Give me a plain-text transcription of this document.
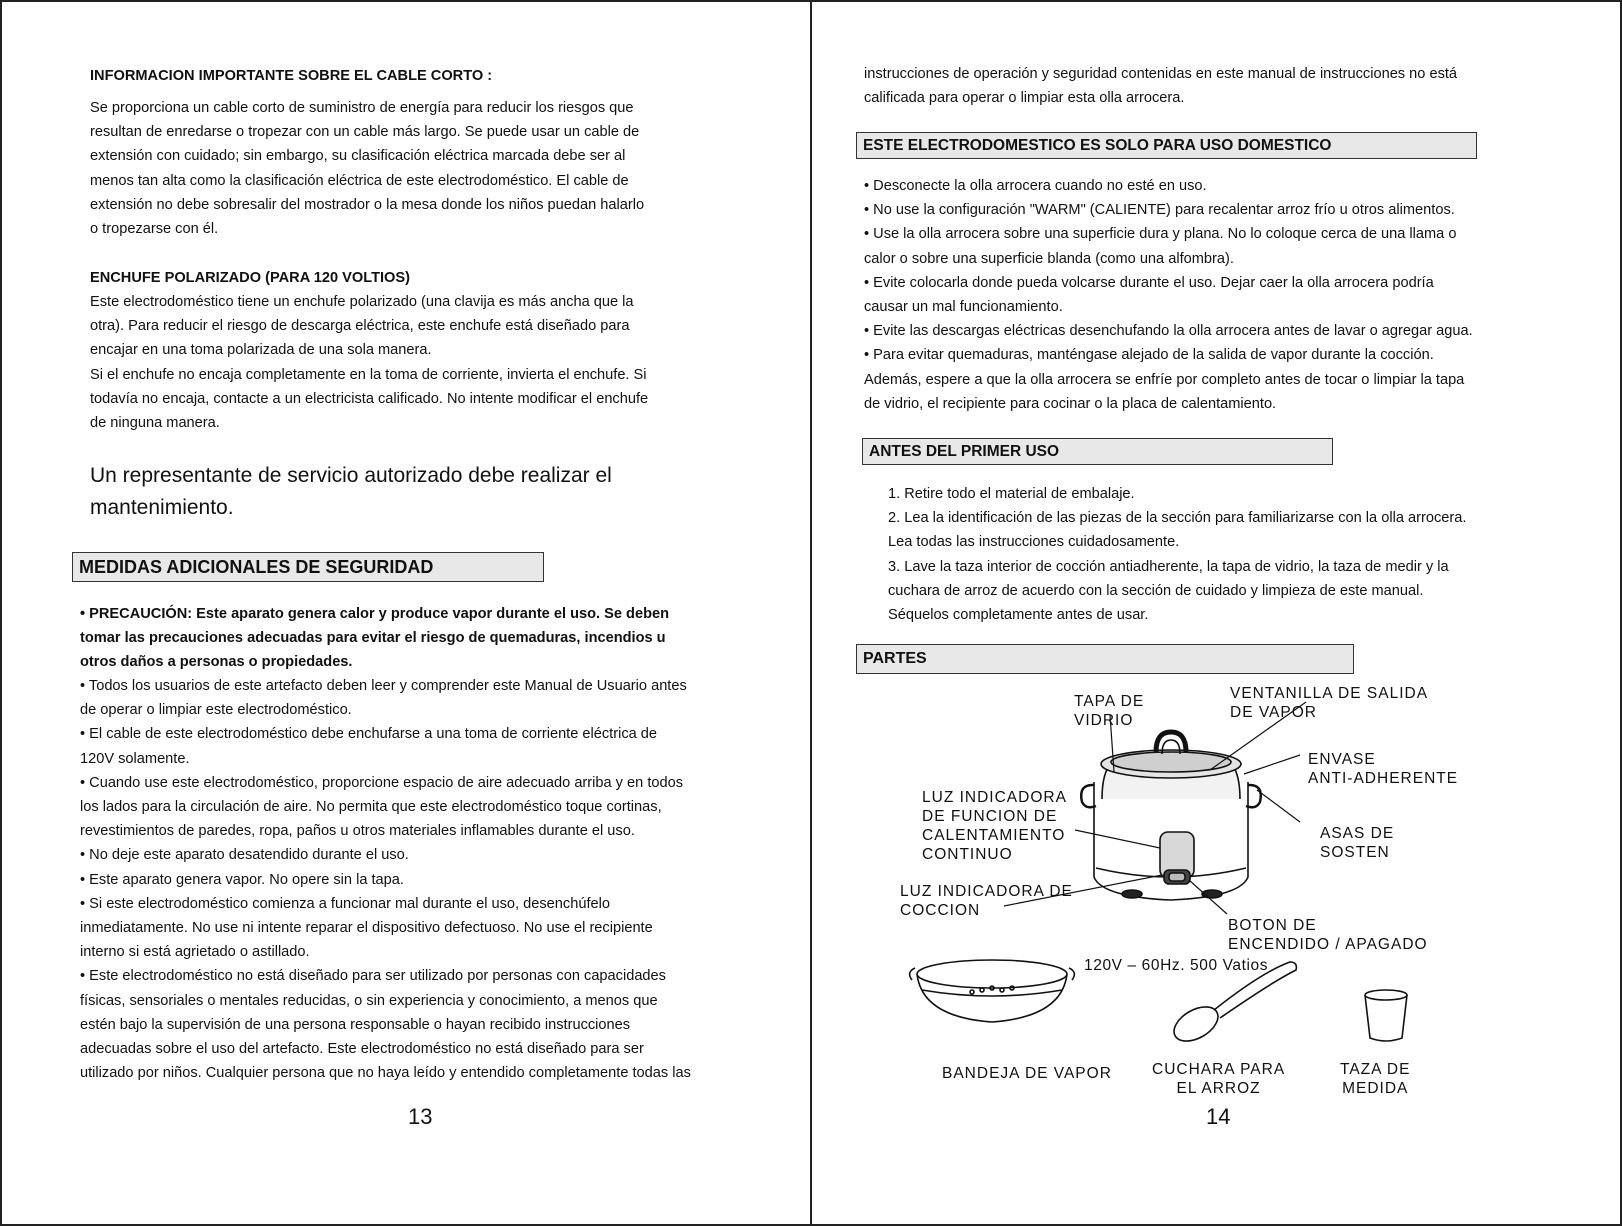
INFORMACION IMPORTANTE SOBRE EL CABLE CORTO :
Se proporciona un cable corto de suministro de energía para reducir los riesgos que
resultan de enredarse o tropezar con un cable más largo. Se puede usar un cable de
extensión con cuidado; sin embargo, su clasificación eléctrica marcada debe ser al
menos tan alta como la clasificación eléctrica de este electrodoméstico. El cable de
extensión no debe sobresalir del mostrador o la mesa donde los niños puedan halarlo
o tropezarse con él.
ENCHUFE POLARIZADO (PARA 120 VOLTIOS)
Este electrodoméstico tiene un enchufe polarizado (una clavija es más ancha que la
otra). Para reducir el riesgo de descarga eléctrica, este enchufe está diseñado para
encajar en una toma polarizada de una sola manera.
Si el enchufe no encaja completamente en la toma de corriente, invierta el enchufe. Si
todavía no encaja, contacte a un electricista calificado. No intente modificar el enchufe
de ninguna manera.
Un representante de servicio autorizado debe realizar el
mantenimiento.
MEDIDAS ADICIONALES DE SEGURIDAD
• PRECAUCIÓN: Este aparato genera calor y produce vapor durante el uso. Se deben
tomar las precauciones adecuadas para evitar el riesgo de quemaduras, incendios u
otros daños a personas o propiedades.
• Todos los usuarios de este artefacto deben leer y comprender este Manual de Usuario antes
de operar o limpiar este electrodoméstico.
• El cable de este electrodoméstico debe enchufarse a una toma de corriente eléctrica de
120V solamente.
• Cuando use este electrodoméstico, proporcione espacio de aire adecuado arriba y en todos
los lados para la circulación de aire. No permita que este electrodoméstico toque cortinas,
revestimientos de paredes, ropa, paños u otros materiales inflamables durante el uso.
• No deje este aparato desatendido durante el uso.
• Este aparato genera vapor. No opere sin la tapa.
• Si este electrodoméstico comienza a funcionar mal durante el uso, desenchúfelo
inmediatamente. No use ni intente reparar el dispositivo defectuoso. No use el recipiente
interno si está agrietado o astillado.
• Este electrodoméstico no está diseñado para ser utilizado por personas con capacidades
físicas, sensoriales o mentales reducidas, o sin experiencia y conocimiento, a menos que
estén bajo la supervisión de una persona responsable o hayan recibido instrucciones
adecuadas sobre el uso del artefacto. Este electrodoméstico no está diseñado para ser
utilizado por niños. Cualquier persona que no haya leído y entendido completamente todas las
13
instrucciones de operación y seguridad contenidas en este manual de instrucciones no está
calificada para operar o limpiar esta olla arrocera.
ESTE ELECTRODOMESTICO ES SOLO PARA USO DOMESTICO
• Desconecte la olla arrocera cuando no esté en uso.
• No use la configuración "WARM" (CALIENTE) para recalentar arroz frío u otros alimentos.
• Use la olla arrocera sobre una superficie dura y plana. No lo coloque cerca de una llama o
calor o sobre una superficie blanda (como una alfombra).
• Evite colocarla donde pueda volcarse durante el uso. Dejar caer la olla arrocera podría
causar un mal funcionamiento.
• Evite las descargas eléctricas desenchufando la olla arrocera antes de lavar o agregar agua.
• Para evitar quemaduras, manténgase alejado de la salida de vapor durante la cocción.
Además, espere a que la olla arrocera se enfríe por completo antes de tocar o limpiar la tapa
de vidrio, el recipiente para cocinar o la placa de calentamiento.
ANTES DEL PRIMER USO
1. Retire todo el material de embalaje.
2. Lea la identificación de las piezas de la sección para familiarizarse con la olla arrocera.
Lea todas las instrucciones cuidadosamente.
3. Lave la taza interior de cocción antiadherente, la tapa de vidrio, la taza de medir y la
cuchara de arroz de acuerdo con la sección de cuidado y limpieza de este manual.
Séquelos completamente antes de usar.
PARTES
TAPA DE
VIDRIO
VENTANILLA DE SALIDA
DE VAPOR
ENVASE
ANTI-ADHERENTE
LUZ INDICADORA
DE FUNCION DE
CALENTAMIENTO
CONTINUO
ASAS DE
SOSTEN
LUZ INDICADORA DE
COCCION
BOTON DE
ENCENDIDO / APAGADO
120V – 60Hz. 500 Vatios
BANDEJA DE VAPOR	CUCHARA PARA
EL ARROZ
TAZA DE
MEDIDA
14
